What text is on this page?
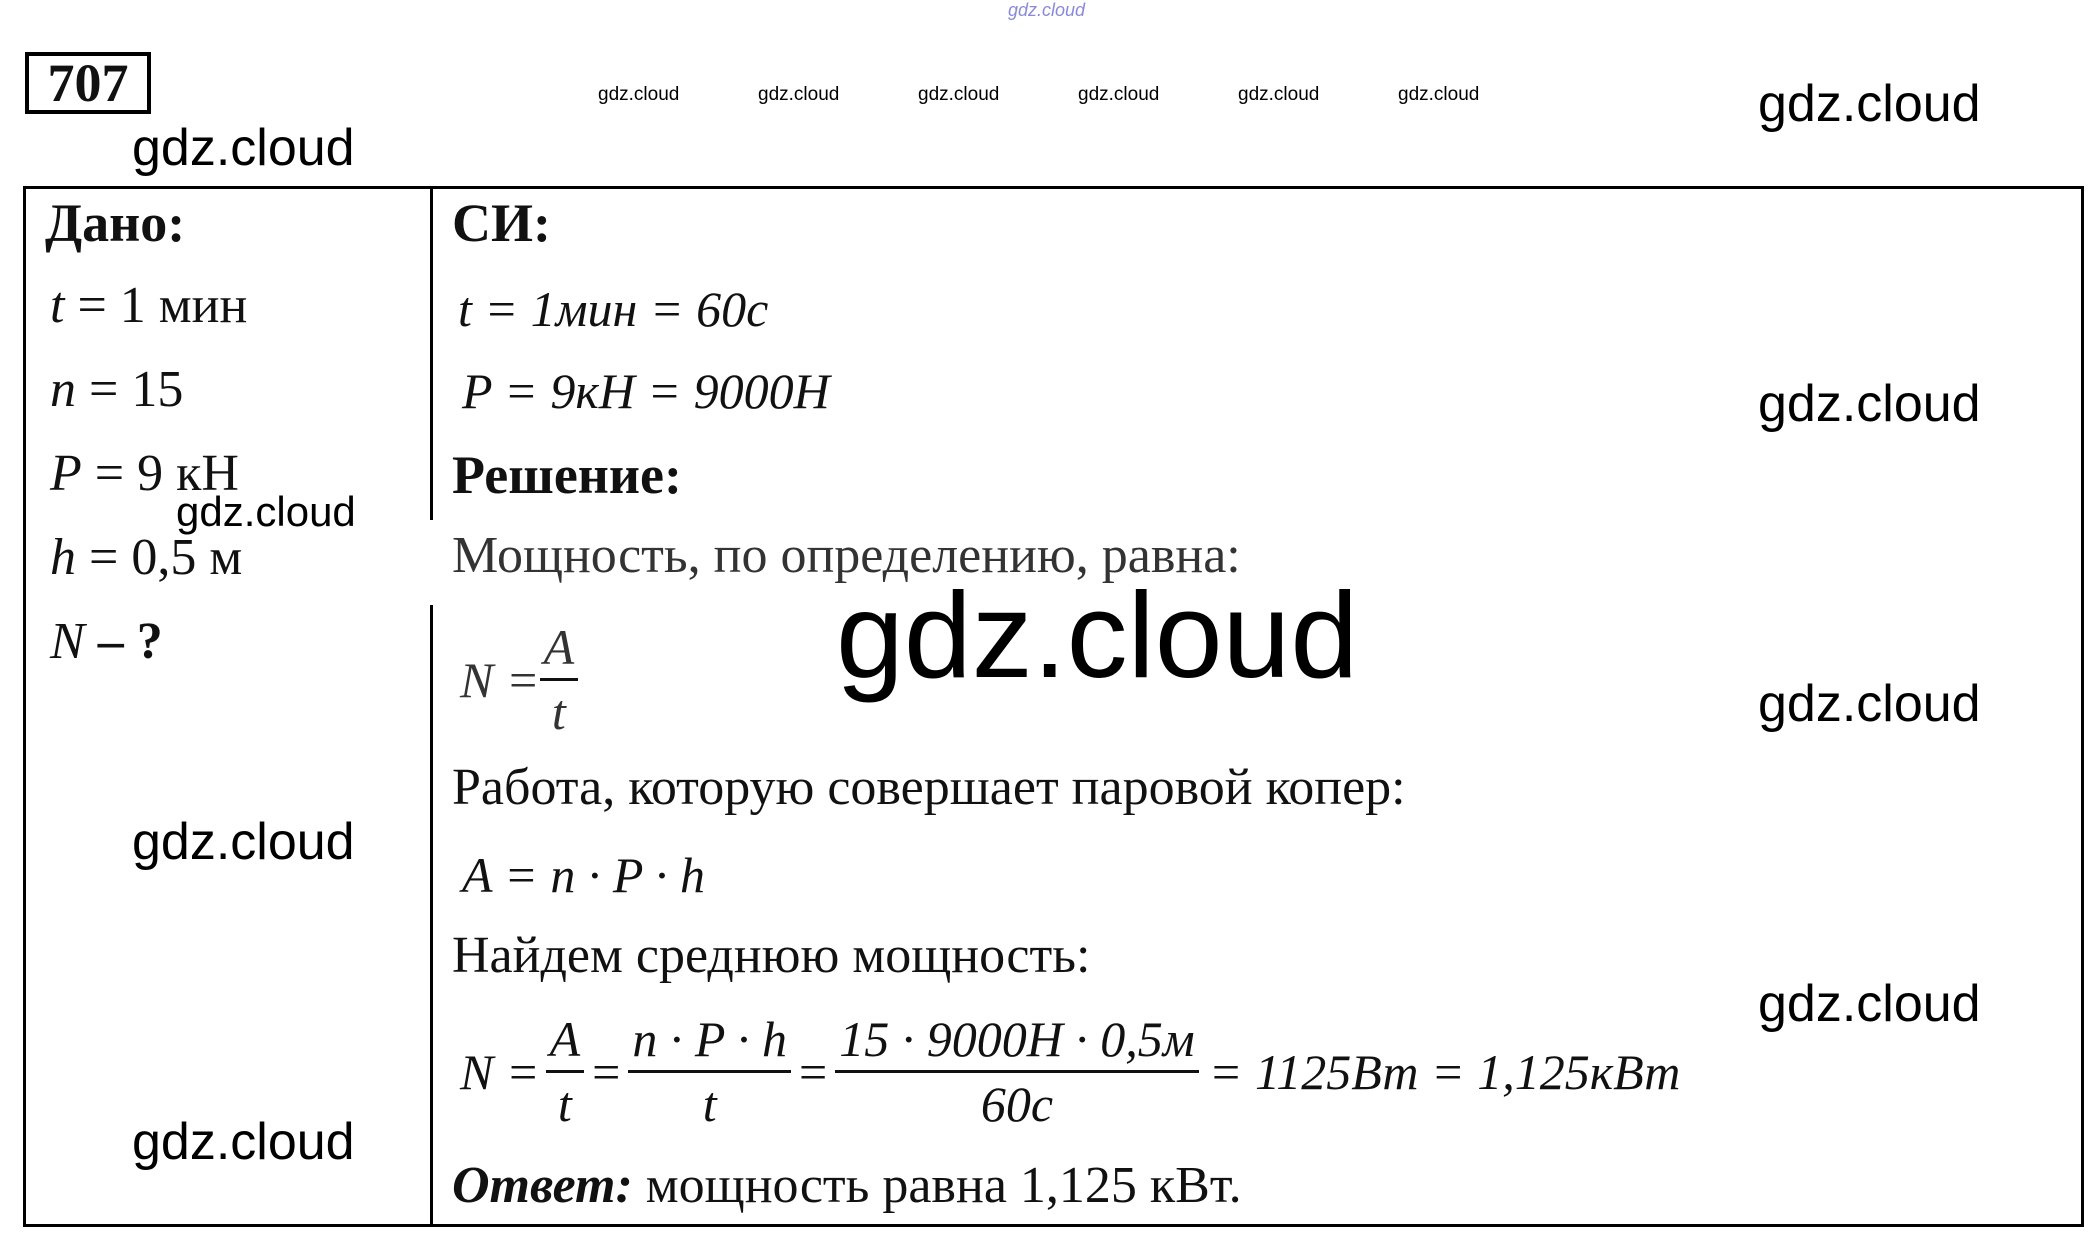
gdz.cloud
707	gdz.cloud	gdz.cloud	gdz.cloud	gdz.cloud	gdz.cloud	gdz.cloud	gdz.cloud
gdz.cloud
Дано:
t = 1 мин
n = 15
P = 9 кН
gdz.cloud
h = 0,5 м
N – ?
gdz.cloud
gdz.cloud
СИ:
t = 1мин = 60с
P = 9кН = 9000Н	gdz.cloud
gdz.cloud
gdz.cloud
Решение:
Мощность, по определению, равна:
gdz.cloud
$N = \frac{A}{t}$
Работа, которую совершает паровой копер:
A = n · P · h
Найдем среднюю мощность:
$N = \frac{A}{t} = \frac{n \cdot P \cdot h}{t} = \frac{15 \cdot 9000Н \cdot 0,5м}{60с} = 1125Вт = 1,125кВт$
Ответ: мощность равна 1,125 кВт.
